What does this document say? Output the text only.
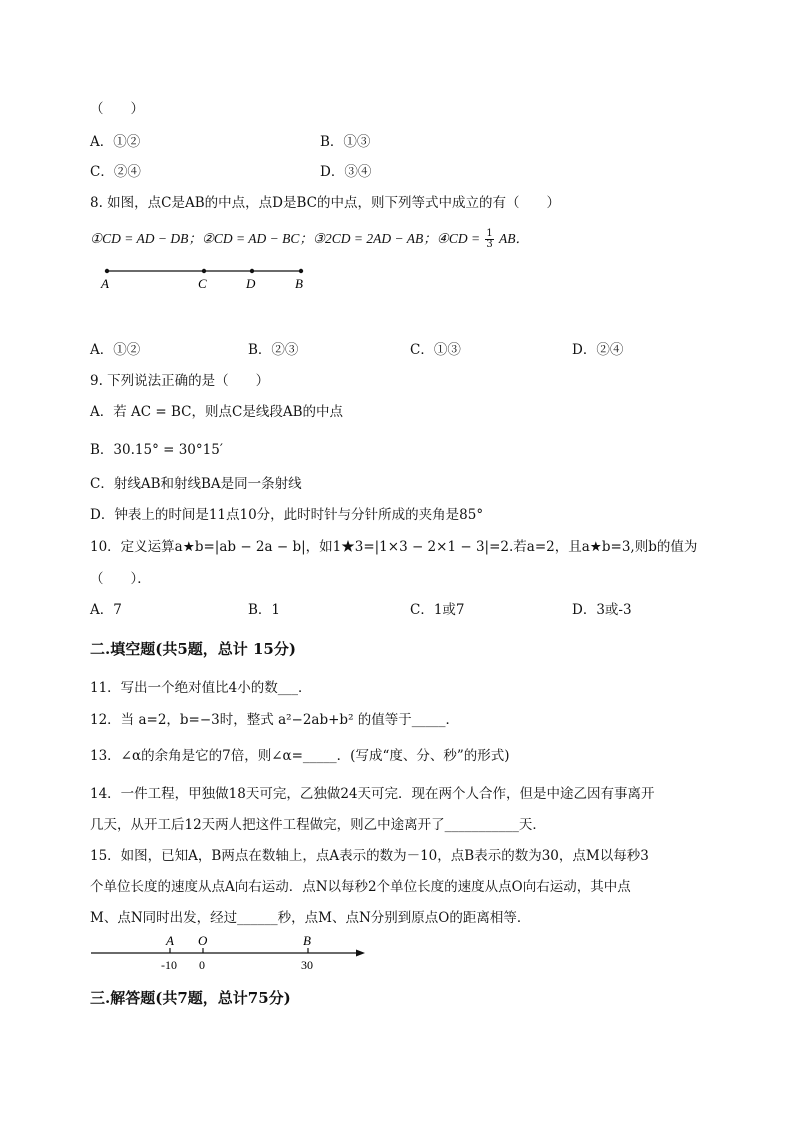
（　　）
A．①②	B．①③
C．②④	D．③④
8. 如图，点C是AB的中点，点D是BC的中点，则下列等式中成立的有（　　）
①CD = AD − DB；②CD = AD − BC；③2CD = 2AD − AB；④CD = $\frac{1}{3}$ AB．
A	C	D	B
A．①②	B．②③	C．①③	D．②④
9. 下列说法正确的是（　　）
A．若 AC = BC，则点C是线段AB的中点
B．30.15° = 30°15′
C．射线AB和射线BA是同一条射线
D．钟表上的时间是11点10分，此时时针与分针所成的夹角是85°
10．定义运算a★b=|ab − 2a − b|，如1★3=|1×3 − 2×1 − 3|=2.若a=2，且a★b=3,则b的值为
（　　）．
A．7	B．1	C．1或7	D．3或-3
二.填空题(共5题，总计 15分)
11．写出一个绝对值比4小的数___．
12．当 a=2，b=−3时，整式 a²−2ab+b² 的值等于_____．
13．∠α的余角是它的7倍，则∠α=_____．(写成“度、分、秒”的形式)
14．一件工程，甲独做18天可完，乙独做24天可完．现在两个人合作，但是中途乙因有事离开
几天，从开工后12天两人把这件工程做完，则乙中途离开了___________天．
15．如图，已知A，B两点在数轴上，点A表示的数为－10，点B表示的数为30，点M以每秒3
个单位长度的速度从点A向右运动．点N以每秒2个单位长度的速度从点O向右运动，其中点
M、点N同时出发，经过______秒，点M、点N分别到原点O的距离相等．
A O	B
-10 0	30
三.解答题(共7题，总计75分)
